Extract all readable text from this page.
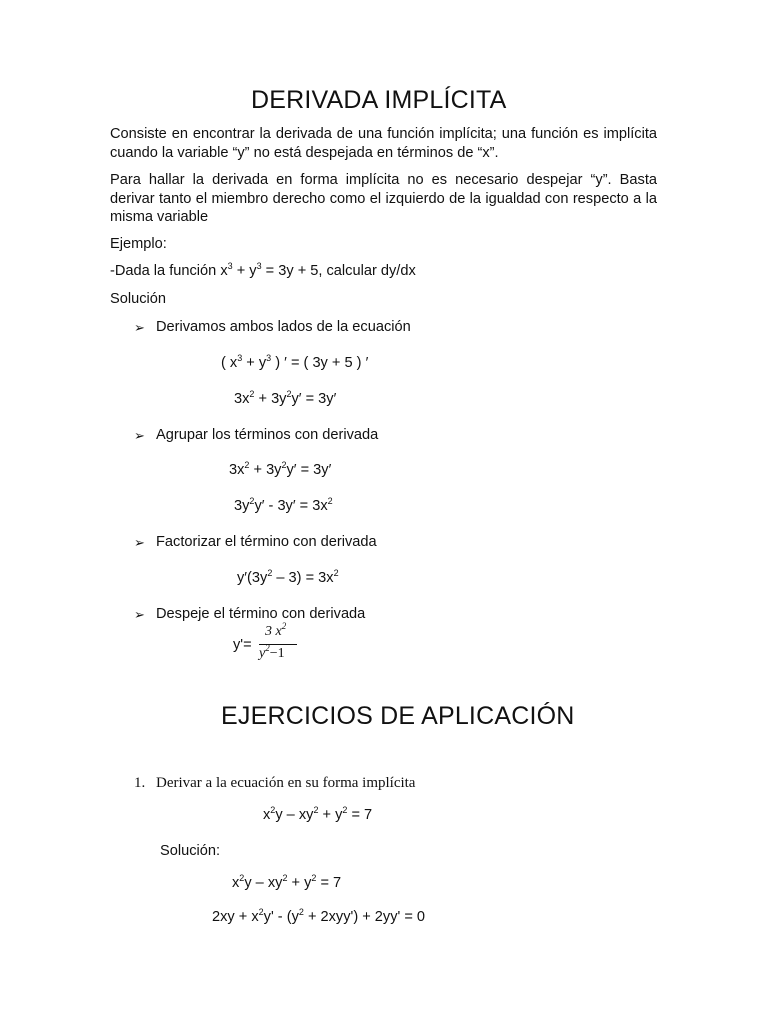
DERIVADA IMPLÍCITA
Consiste en encontrar la derivada de una función implícita; una función es implícita cuando la variable “y” no está despejada en términos de “x”.
Para hallar la derivada en forma implícita no es necesario despejar “y”. Basta derivar tanto el miembro derecho como el izquierdo de la igualdad con respecto a la misma variable
Ejemplo:
-Dada la función $x^3 + y^3 = 3y + 5$, calcular dy/dx
Solución
➢ Derivamos ambos lados de la ecuación
( $x^3 + y^3$ ) ′ = ( 3y + 5 ) ′
$3x^2 + 3y^2y' = 3y'$
➢ Agrupar los términos con derivada
$3x^2 + 3y^2y' = 3y'$
$3y^2y' - 3y' = 3x^2$
➢ Factorizar el término con derivada
$y'(3y^2 - 3) = 3x^2$
➢ Despeje el término con derivada
y'=
3 $x^2$
$y^2-1$
EJERCICIOS DE APLICACIÓN
1. Derivar a la ecuación en su forma implícita
$x^2y - xy^2 + y^2 = 7$
Solución:
$x^2y - xy^2 + y^2 = 7$
$2xy + x^2y' - (y^2 + 2xyy') + 2yy' = 0$
